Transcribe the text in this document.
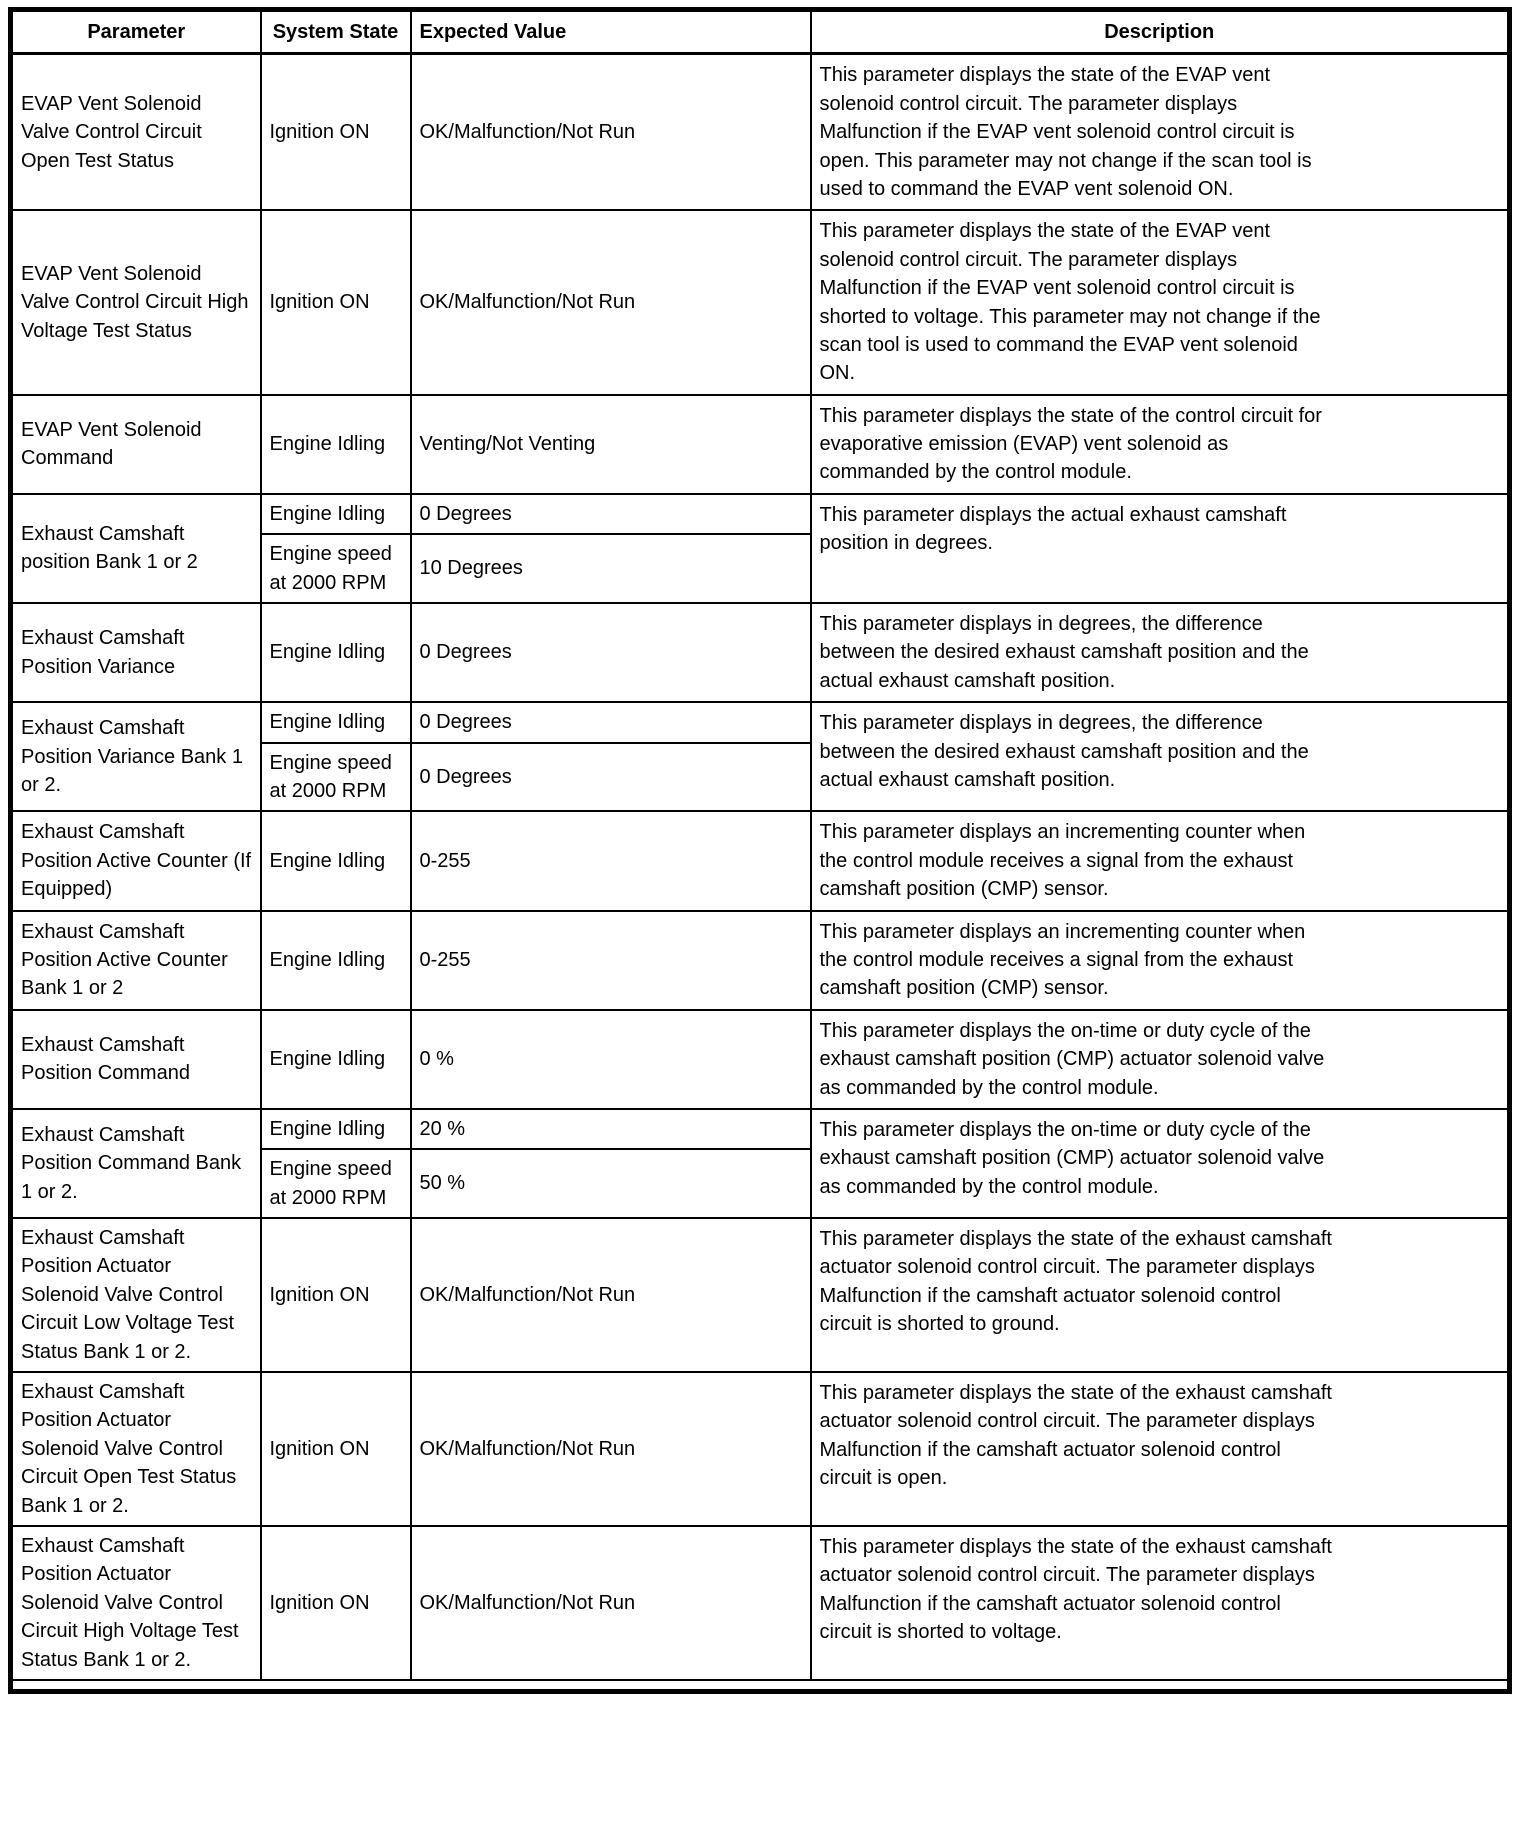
Parameter	System State	Expected Value	Description
EVAP Vent Solenoid Valve Control Circuit Open Test Status	Ignition ON	OK/Malfunction/Not Run	This parameter displays the state of the EVAP vent solenoid control circuit. The parameter displays Malfunction if the EVAP vent solenoid control circuit is open. This parameter may not change if the scan tool is used to command the EVAP vent solenoid ON.
EVAP Vent Solenoid Valve Control Circuit High Voltage Test Status	Ignition ON	OK/Malfunction/Not Run	This parameter displays the state of the EVAP vent solenoid control circuit. The parameter displays Malfunction if the EVAP vent solenoid control circuit is shorted to voltage. This parameter may not change if the scan tool is used to command the EVAP vent solenoid ON.
EVAP Vent Solenoid Command	Engine Idling	Venting/Not Venting	This parameter displays the state of the control circuit for evaporative emission (EVAP) vent solenoid as commanded by the control module.
Exhaust Camshaft position Bank 1 or 2	Engine Idling	0 Degrees	This parameter displays the actual exhaust camshaft position in degrees.
	Engine speed at 2000 RPM	10 Degrees	
Exhaust Camshaft Position Variance	Engine Idling	0 Degrees	This parameter displays in degrees, the difference between the desired exhaust camshaft position and the actual exhaust camshaft position.
Exhaust Camshaft Position Variance Bank 1 or 2.	Engine Idling	0 Degrees	This parameter displays in degrees, the difference between the desired exhaust camshaft position and the actual exhaust camshaft position.
	Engine speed at 2000 RPM	0 Degrees	
Exhaust Camshaft Position Active Counter (If Equipped)	Engine Idling	0-255	This parameter displays an incrementing counter when the control module receives a signal from the exhaust camshaft position (CMP) sensor.
Exhaust Camshaft Position Active Counter Bank 1 or 2	Engine Idling	0-255	This parameter displays an incrementing counter when the control module receives a signal from the exhaust camshaft position (CMP) sensor.
Exhaust Camshaft Position Command	Engine Idling	0 %	This parameter displays the on-time or duty cycle of the exhaust camshaft position (CMP) actuator solenoid valve as commanded by the control module.
Exhaust Camshaft Position Command Bank 1 or 2.	Engine Idling	20 %	This parameter displays the on-time or duty cycle of the exhaust camshaft position (CMP) actuator solenoid valve as commanded by the control module.
	Engine speed at 2000 RPM	50 %	
Exhaust Camshaft Position Actuator Solenoid Valve Control Circuit Low Voltage Test Status Bank 1 or 2.	Ignition ON	OK/Malfunction/Not Run	This parameter displays the state of the exhaust camshaft actuator solenoid control circuit. The parameter displays Malfunction if the camshaft actuator solenoid control circuit is shorted to ground.
Exhaust Camshaft Position Actuator Solenoid Valve Control Circuit Open Test Status Bank 1 or 2.	Ignition ON	OK/Malfunction/Not Run	This parameter displays the state of the exhaust camshaft actuator solenoid control circuit. The parameter displays Malfunction if the camshaft actuator solenoid control circuit is open.
Exhaust Camshaft Position Actuator Solenoid Valve Control Circuit High Voltage Test Status Bank 1 or 2.	Ignition ON	OK/Malfunction/Not Run	This parameter displays the state of the exhaust camshaft actuator solenoid control circuit. The parameter displays Malfunction if the camshaft actuator solenoid control circuit is shorted to voltage.
